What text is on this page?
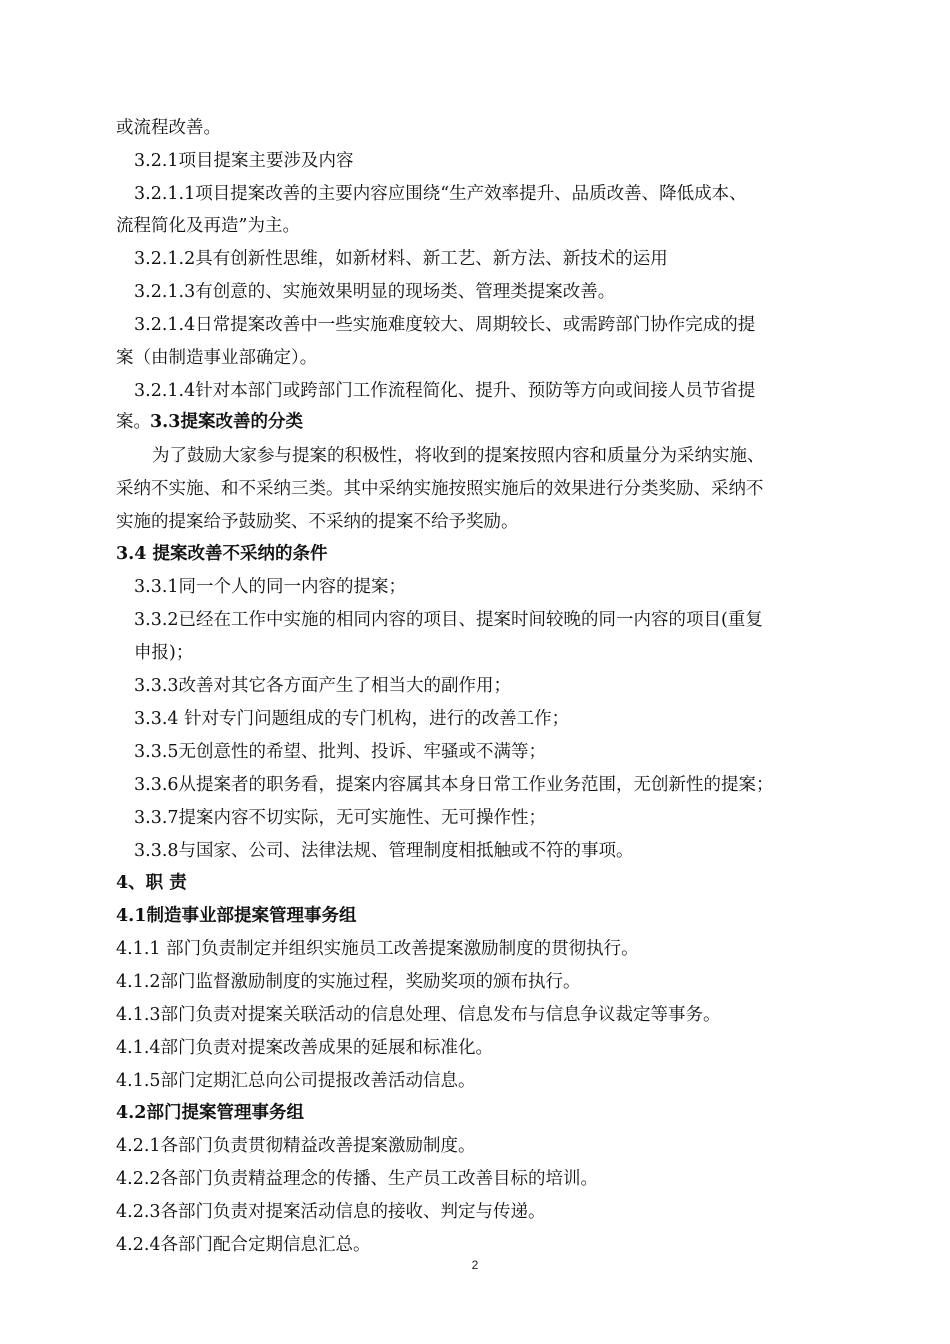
或流程改善。
3.2.1项目提案主要涉及内容
3.2.1.1项目提案改善的主要内容应围绕“生产效率提升、品质改善、降低成本、
流程简化及再造”为主。
3.2.1.2具有创新性思维，如新材料、新工艺、新方法、新技术的运用
3.2.1.3有创意的、实施效果明显的现场类、管理类提案改善。
3.2.1.4日常提案改善中一些实施难度较大、周期较长、或需跨部门协作完成的提
案（由制造事业部确定）。
3.2.1.4针对本部门或跨部门工作流程简化、提升、预防等方向或间接人员节省提
案。 3.3提案改善的分类
为了鼓励大家参与提案的积极性，将收到的提案按照内容和质量分为采纳实施、
采纳不实施、和不采纳三类。其中采纳实施按照实施后的效果进行分类奖励、采纳不
实施的提案给予鼓励奖、不采纳的提案不给予奖励。
3.4 提案改善不采纳的条件
3.3.1同一个人的同一内容的提案；
3.3.2已经在工作中实施的相同内容的项目、提案时间较晚的同一内容的项目(重复
申报)；
3.3.3改善对其它各方面产生了相当大的副作用；
3.3.4 针对专门问题组成的专门机构，进行的改善工作；
3.3.5无创意性的希望、批判、投诉、牢骚或不满等；
3.3.6从提案者的职务看，提案内容属其本身日常工作业务范围，无创新性的提案；
3.3.7提案内容不切实际，无可实施性、无可操作性；
3.3.8与国家、公司、法律法规、管理制度相抵触或不符的事项。
4、职 责
4.1制造事业部提案管理事务组
4.1.1 部门负责制定并组织实施员工改善提案激励制度的贯彻执行。
4.1.2部门监督激励制度的实施过程，奖励奖项的颁布执行。
4.1.3部门负责对提案关联活动的信息处理、信息发布与信息争议裁定等事务。
4.1.4部门负责对提案改善成果的延展和标准化。
4.1.5部门定期汇总向公司提报改善活动信息。
4.2部门提案管理事务组
4.2.1各部门负责贯彻精益改善提案激励制度。
4.2.2各部门负责精益理念的传播、生产员工改善目标的培训。
4.2.3各部门负责对提案活动信息的接收、判定与传递。
4.2.4各部门配合定期信息汇总。
2
